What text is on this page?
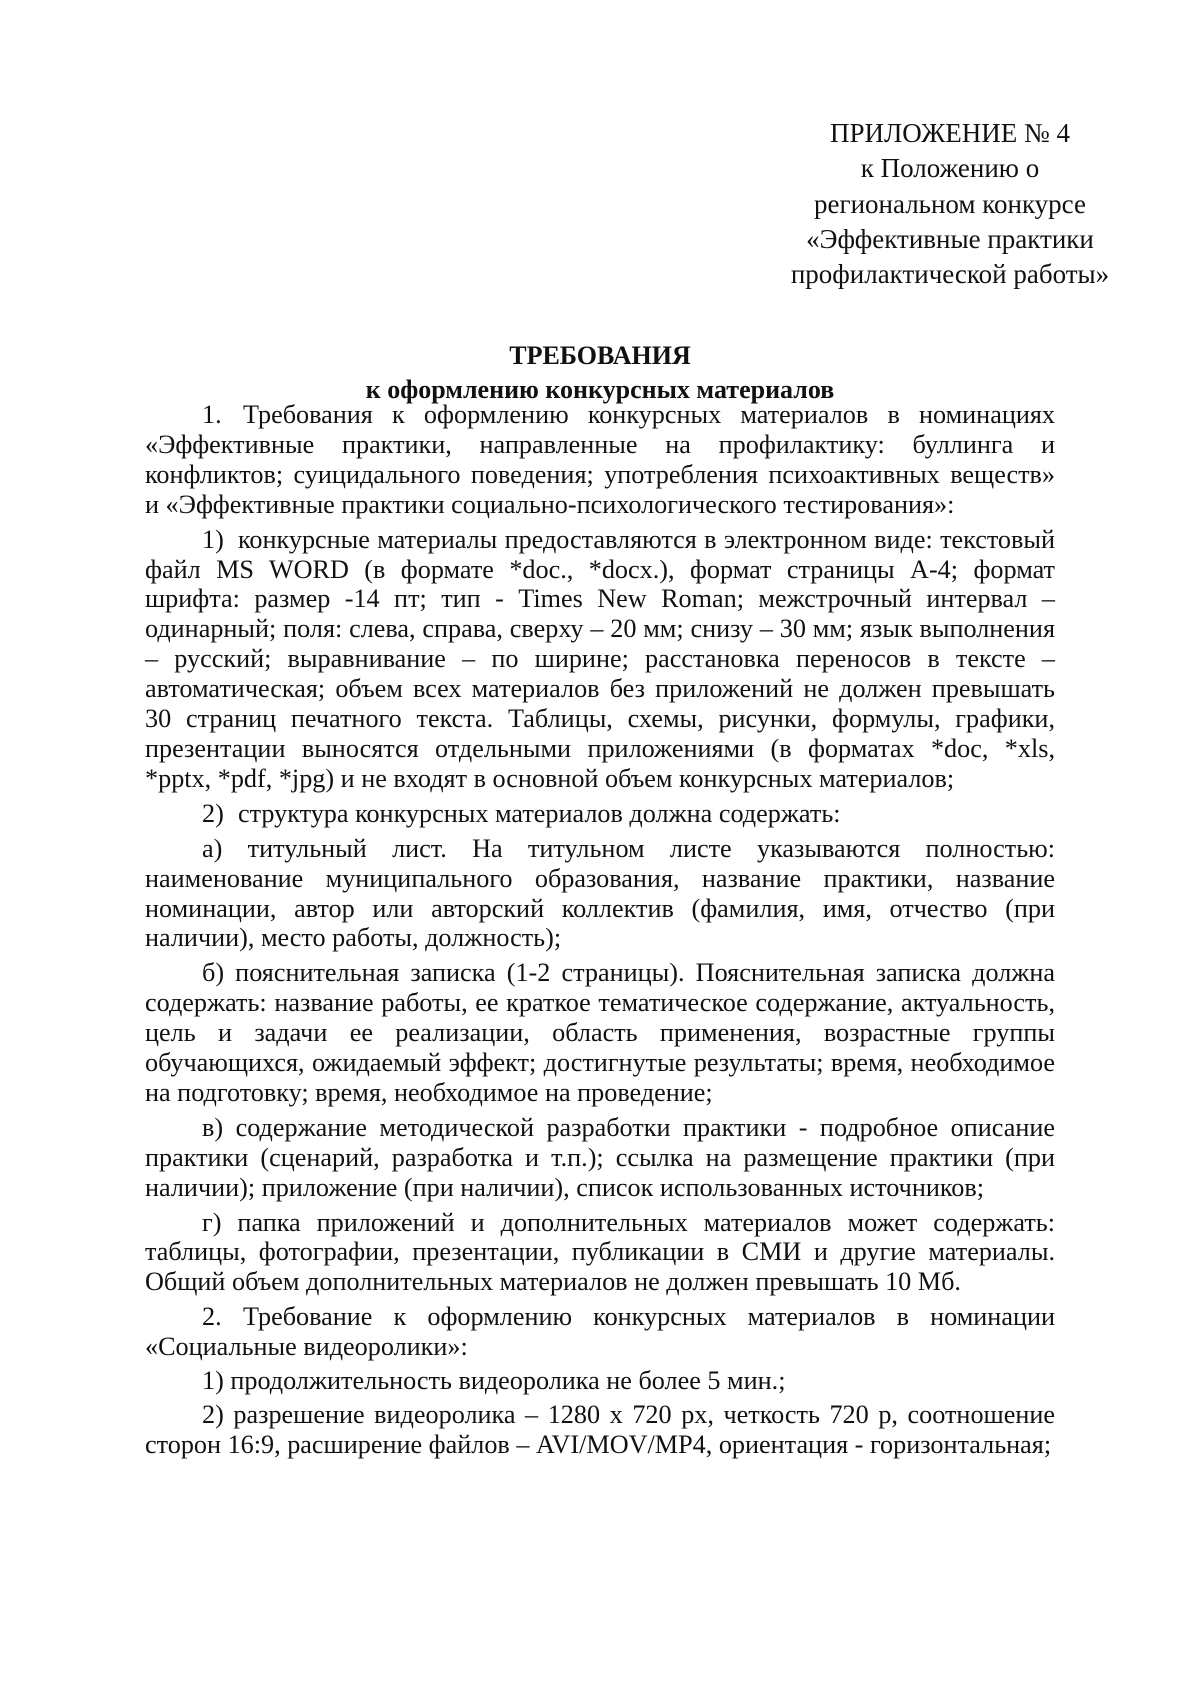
ПРИЛОЖЕНИЕ № 4
к Положению о
региональном конкурсе
«Эффективные практики
профилактической работы»
ТРЕБОВАНИЯ
к оформлению конкурсных материалов

1. Требования к оформлению конкурсных материалов в номинациях «Эффективные практики, направленные на профилактику: буллинга и конфликтов; суицидального поведения; употребления психоактивных веществ» и «Эффективные практики социально-психологического тестирования»:

1) конкурсные материалы предоставляются в электронном виде: текстовый файл MS WORD (в формате *doc., *docx.), формат страницы А-4; формат шрифта: размер -14 пт; тип - Times New Roman; межстрочный интервал – одинарный; поля: слева, справа, сверху – 20 мм; снизу – 30 мм; язык выполнения – русский; выравнивание – по ширине; расстановка переносов в тексте – автоматическая; объем всех материалов без приложений не должен превышать 30 страниц печатного текста. Таблицы, схемы, рисунки, формулы, графики, презентации выносятся отдельными приложениями (в форматах *doc, *xls, *pptx, *pdf, *jpg) и не входят в основной объем конкурсных материалов;

2) структура конкурсных материалов должна содержать:

а) титульный лист. На титульном листе указываются полностью: наименование муниципального образования, название практики, название номинации, автор или авторский коллектив (фамилия, имя, отчество (при наличии), место работы, должность);

б) пояснительная записка (1-2 страницы). Пояснительная записка должна содержать: название работы, ее краткое тематическое содержание, актуальность, цель и задачи ее реализации, область применения, возрастные группы обучающихся, ожидаемый эффект; достигнутые результаты; время, необходимое на подготовку; время, необходимое на проведение;

в) содержание методической разработки практики - подробное описание практики (сценарий, разработка и т.п.); ссылка на размещение практики (при наличии); приложение (при наличии), список использованных источников;

г) папка приложений и дополнительных материалов может содержать: таблицы, фотографии, презентации, публикации в СМИ и другие материалы. Общий объем дополнительных материалов не должен превышать 10 Мб.

2. Требование к оформлению конкурсных материалов в номинации «Социальные видеоролики»:

1) продолжительность видеоролика не более 5 мин.;

2) разрешение видеоролика – 1280 х 720 px, четкость 720 р, соотношение сторон 16:9, расширение файлов – AVI/MOV/MP4, ориентация - горизонтальная;
